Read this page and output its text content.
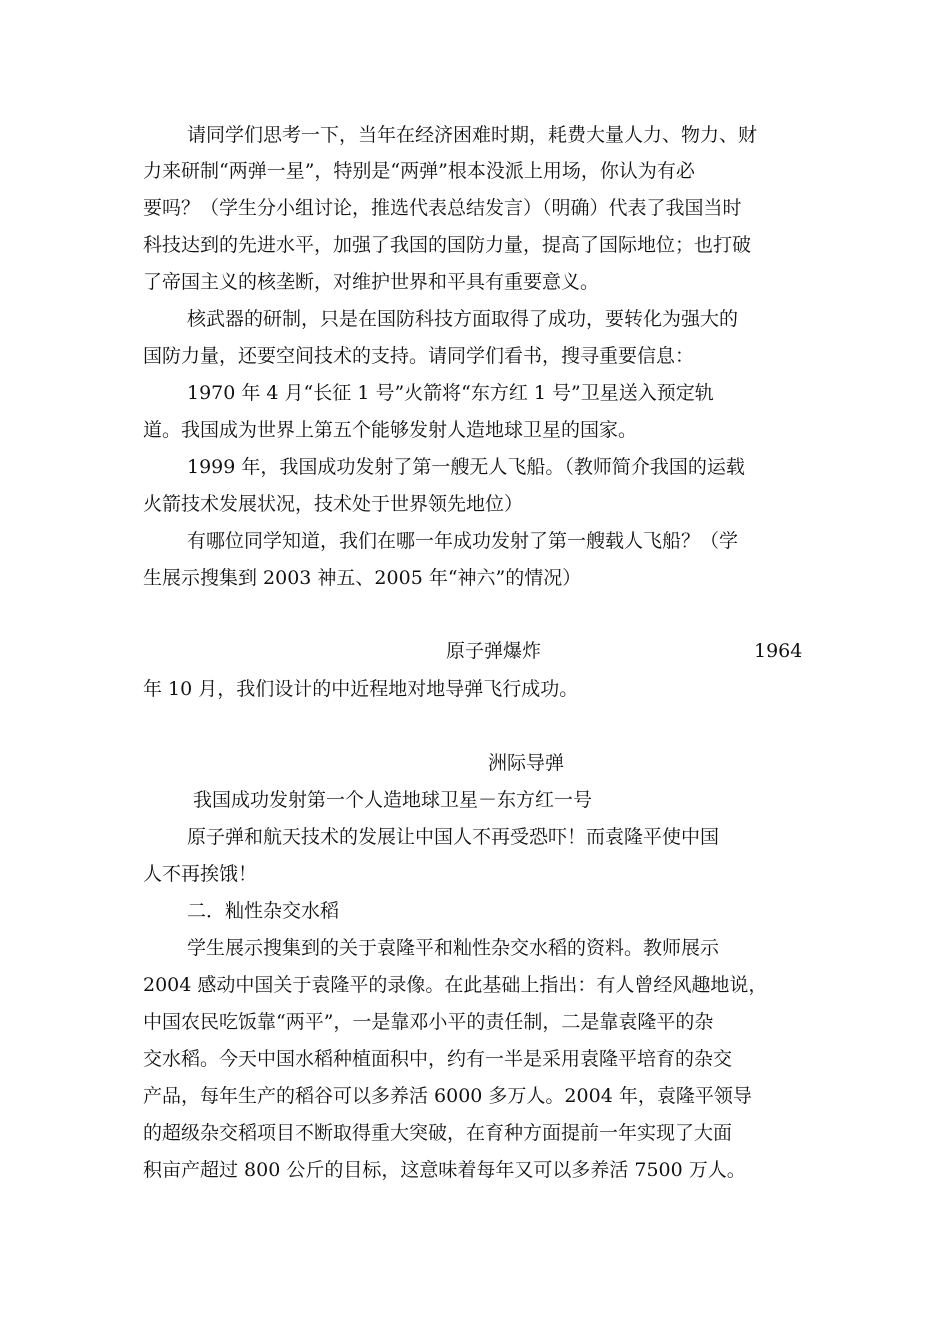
请同学们思考一下，当年在经济困难时期，耗费大量人力、物力、财
力来研制“两弹一星”，特别是“两弹”根本没派上用场，你认为有必
要吗？（学生分小组讨论，推选代表总结发言）（明确）代表了我国当时
科技达到的先进水平，加强了我国的国防力量，提高了国际地位；也打破
了帝国主义的核垄断，对维护世界和平具有重要意义。
核武器的研制，只是在国防科技方面取得了成功，要转化为强大的
国防力量，还要空间技术的支持。请同学们看书，搜寻重要信息：
1970 年 4 月“长征 1 号”火箭将“东方红 1 号”卫星送入预定轨
道。我国成为世界上第五个能够发射人造地球卫星的国家。
1999 年，我国成功发射了第一艘无人飞船。（教师简介我国的运载
火箭技术发展状况，技术处于世界领先地位）
有哪位同学知道，我们在哪一年成功发射了第一艘载人飞船？（学
生展示搜集到 2003 神五、2005 年“神六”的情况）
原子弹爆炸	1964
年 10 月，我们设计的中近程地对地导弹飞行成功。
洲际导弹
我国成功发射第一个人造地球卫星－东方红一号
原子弹和航天技术的发展让中国人不再受恐吓！而袁隆平使中国
人不再挨饿！
二．籼性杂交水稻
学生展示搜集到的关于袁隆平和籼性杂交水稻的资料。教师展示
2004 感动中国关于袁隆平的录像。在此基础上指出：有人曾经风趣地说，
中国农民吃饭靠“两平”，一是靠邓小平的责任制，二是靠袁隆平的杂
交水稻。今天中国水稻种植面积中，约有一半是采用袁隆平培育的杂交
产品，每年生产的稻谷可以多养活 6000 多万人。2004 年，袁隆平领导
的超级杂交稻项目不断取得重大突破，在育种方面提前一年实现了大面
积亩产超过 800 公斤的目标，这意味着每年又可以多养活 7500 万人。
